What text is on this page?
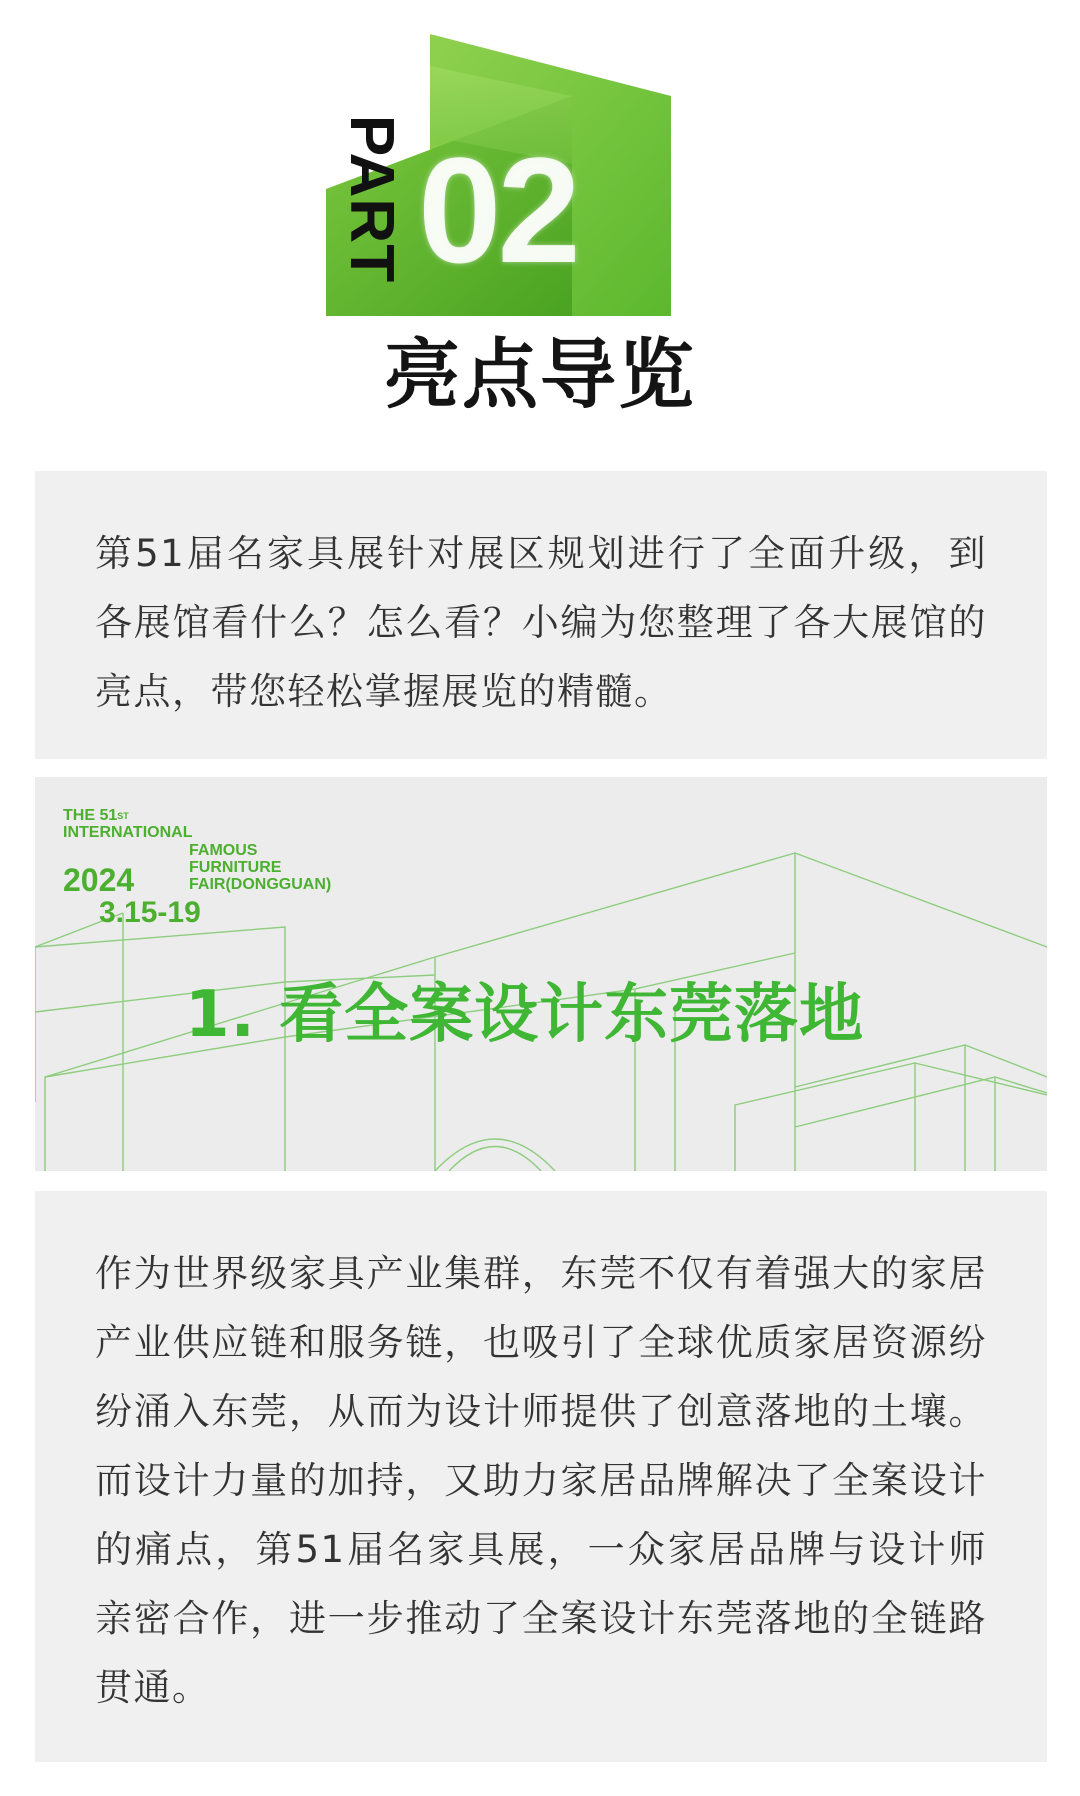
PART 02
亮点导览

第51届名家具展针对展区规划进行了全面升级，到各展馆看什么？怎么看？小编为您整理了各大展馆的亮点，带您轻松掌握展览的精髓。

THE 51ST
INTERNATIONAL
FAMOUS
FURNITURE
FAIR(DONGGUAN)
2024
3.15-19
1. 看全案设计东莞落地

作为世界级家具产业集群，东莞不仅有着强大的家居产业供应链和服务链，也吸引了全球优质家居资源纷纷涌入东莞，从而为设计师提供了创意落地的土壤。而设计力量的加持，又助力家居品牌解决了全案设计的痛点，第51届名家具展，一众家居品牌与设计师亲密合作，进一步推动了全案设计东莞落地的全链路贯通。
